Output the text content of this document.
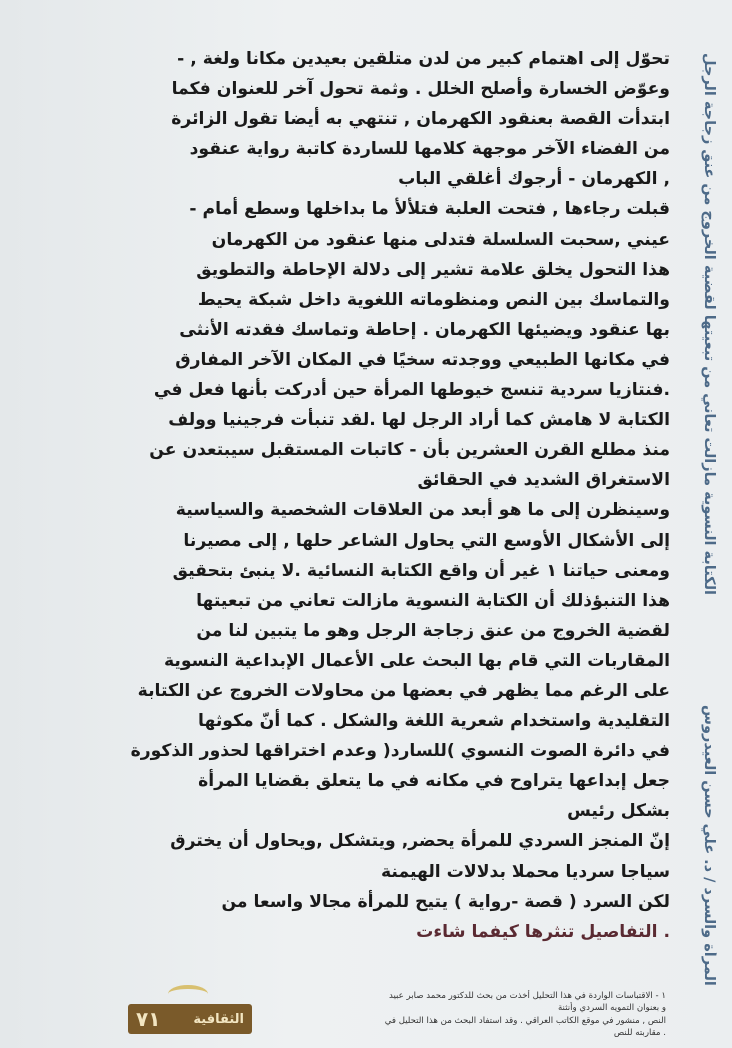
الكتابة النسوية مازالت تعاني من تبعيتها لقضية الخروج من عنق زجاجة الرجل
المرأة والسرد / د. علي حسن العيدروس
تحوّل إلى اهتمام كبير من لدن متلقين بعيدين مكانا ولغة , -
وعوّض الخسارة وأصلح الخلل . وثمة تحول آخر للعنوان فكما
ابتدأت القصة بعنقود الكهرمان , تنتهي به أيضا تقول الزائرة
من الفضاء الآخر موجهة كلامها للساردة كاتبة رواية عنقود
, الكهرمان - أرجوك أغلقي الباب
قبلت رجاءها , فتحت العلبة فتلألأ ما بداخلها وسطع أمام -
عيني ,سحبت السلسلة فتدلى منها عنقود من الكهرمان
هذا التحول يخلق علامة تشير إلى دلالة الإحاطة والتطويق
والتماسك بين النص ومنظوماته اللغوية داخل شبكة يحيط
بها عنقود ويضيئها الكهرمان . إحاطة وتماسك فقدته الأنثى
في مكانها الطبيعي ووجدته سخيًا في المكان الآخر المفارق
.فنتازيا سردية تنسج خيوطها المرأة حين أدركت بأنها فعل في
الكتابة لا هامش كما أراد الرجل لها .لقد تنبأت فرجينيا وولف
منذ مطلع القرن العشرين بأن - كاتبات المستقبل سيبتعدن عن
الاستغراق الشديد في الحقائق
وسينظرن إلى ما هو أبعد من العلاقات الشخصية والسياسية
إلى الأشكال الأوسع التي يحاول الشاعر حلها , إلى مصيرنا
ومعنى حياتنا ١ غير أن واقع الكتابة النسائية .لا ينبئ بتحقيق
هذا التنبؤذلك أن الكتابة النسوية مازالت تعاني من تبعيتها
لقضية الخروج من عنق زجاجة الرجل وهو ما يتبين لنا من
المقاربات التي قام بها البحث على الأعمال الإبداعية النسوية
على الرغم مما يظهر في بعضها من محاولات الخروج عن الكتابة
التقليدية واستخدام شعرية اللغة والشكل . كما أنّ مكوثها
في دائرة الصوت النسوي )للسارد( وعدم اختراقها لحذور الذكورة
جعل إبداعها يتراوح في مكانه في ما يتعلق بقضايا المرأة
بشكل رئيس
إنّ المنجز السردي للمرأة يحضر, ويتشكل ,ويحاول أن يخترق
سياجا سرديا محملا بدلالات الهيمنة
لكن السرد ( قصة -رواية ) يتيح للمرأة مجالا واسعا من
. التفاصيل تنثرها كيفما شاءت
١ - الاقتباسات الواردة في هذا التحليل أخذت من بحث للدكتور محمد صابر عبيد
و بعنوان التمويه السردي وأنثنة
النص , منشور في موقع الكاتب العراقي . وقد استفاد البحث من هذا التحليل في
. مقاربته للنص
الثقافية
٧١
